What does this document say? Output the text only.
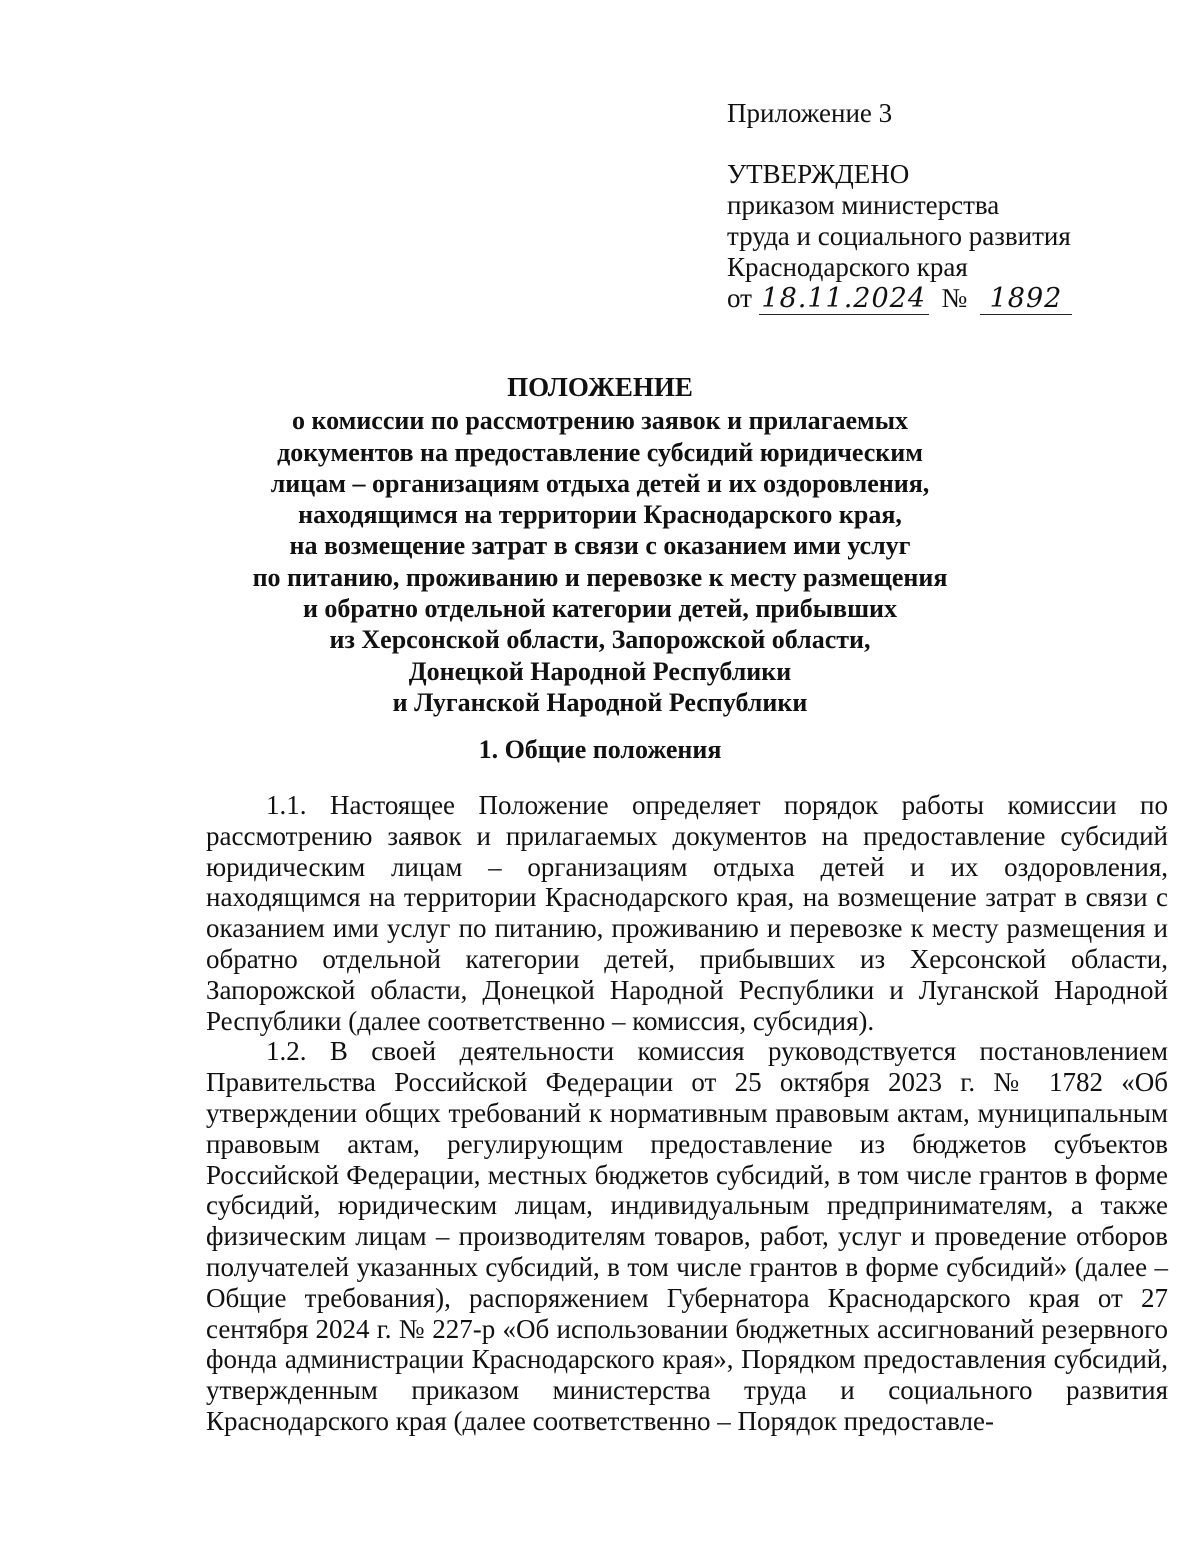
Приложение 3

УТВЕРЖДЕНО

приказом министерства

труда и социального развития

Краснодарского края

от 18.11.2024 № 1892

ПОЛОЖЕНИЕ

о комиссии по рассмотрению заявок и прилагаемых

документов на предоставление субсидий юридическим

лицам – организациям отдыха детей и их оздоровления,

находящимся на территории Краснодарского края,

на возмещение затрат в связи с оказанием ими услуг

по питанию, проживанию и перевозке к месту размещения

и обратно отдельной категории детей, прибывших

из Херсонской области, Запорожской области,

Донецкой Народной Республики

и Луганской Народной Республики

1. Общие положения

1.1. Настоящее Положение определяет порядок работы комиссии по рассмотрению заявок и прилагаемых документов на предоставление субсидий юридическим лицам – организациям отдыха детей и их оздоровления, находящимся на территории Краснодарского края, на возмещение затрат в связи с оказанием ими услуг по питанию, проживанию и перевозке к месту размещения и обратно отдельной категории детей, прибывших из Херсонской области, Запорожской области, Донецкой Народной Республики и Луганской Народной Республики (далее соответственно – комиссия, субсидия).

1.2. В своей деятельности комиссия руководствуется постановлением Правительства Российской Федерации от 25 октября 2023 г. № 1782 «Об утверждении общих требований к нормативным правовым актам, муниципальным правовым актам, регулирующим предоставление из бюджетов субъектов Российской Федерации, местных бюджетов субсидий, в том числе грантов в форме субсидий, юридическим лицам, индивидуальным предпринимателям, а также физическим лицам – производителям товаров, работ, услуг и проведение отборов получателей указанных субсидий, в том числе грантов в форме субсидий» (далее – Общие требования), распоряжением Губернатора Краснодарского края от 27 сентября 2024 г. № 227-р «Об использовании бюджетных ассигнований резервного фонда администрации Краснодарского края», Порядком предоставления субсидий, утвержденным приказом министерства труда и социального развития Краснодарского края (далее соответственно – Порядок предоставле-
